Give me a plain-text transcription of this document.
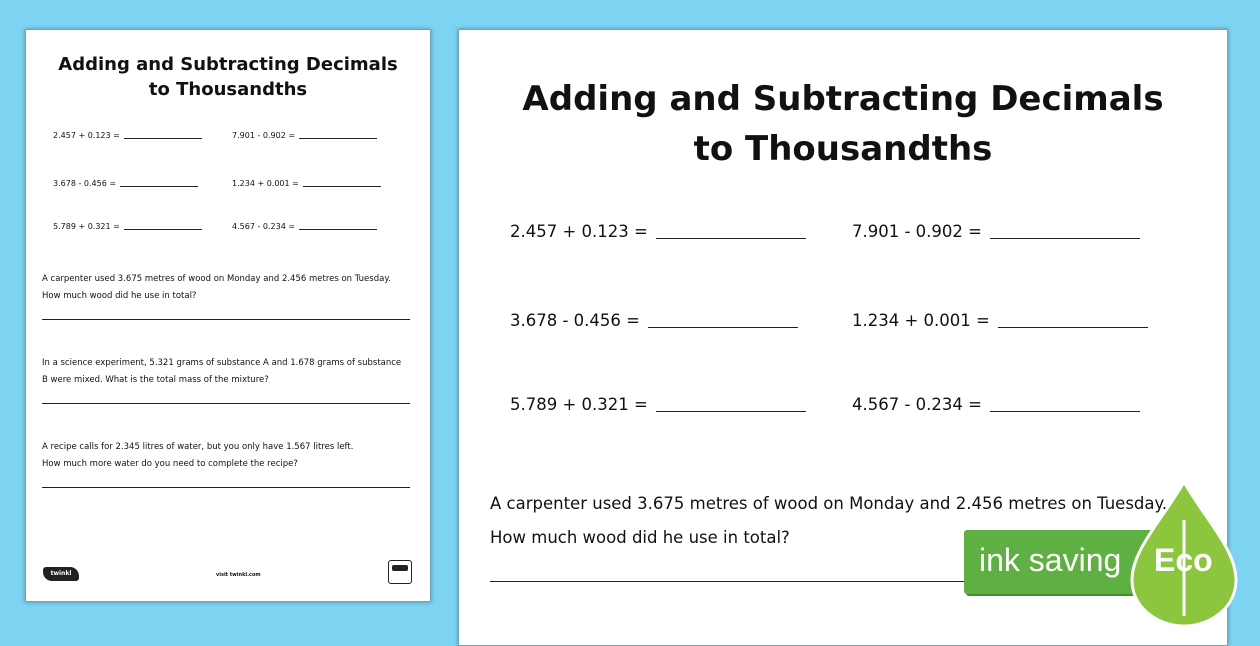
Adding and Subtracting Decimals
to Thousandths
2.457 + 0.123 =	7.901 - 0.902 =
3.678 - 0.456 =	1.234 + 0.001 =
5.789 + 0.321 =	4.567 - 0.234 =
A carpenter used 3.675 metres of wood on Monday and 2.456 metres on Tuesday.
How much wood did he use in total?
In a science experiment, 5.321 grams of substance A and 1.678 grams of substance
B were mixed. What is the total mass of the mixture?
A recipe calls for 2.345 litres of water, but you only have 1.567 litres left.
How much more water do you need to complete the recipe?
twinkl	visit twinkl.com
Adding and Subtracting Decimals
to Thousandths
2.457 + 0.123 =	7.901 - 0.902 =
3.678 - 0.456 =	1.234 + 0.001 =
5.789 + 0.321 =	4.567 - 0.234 =
A carpenter used 3.675 metres of wood on Monday and 2.456 metres on Tuesday.
How much wood did he use in total?
ink saving Eco
